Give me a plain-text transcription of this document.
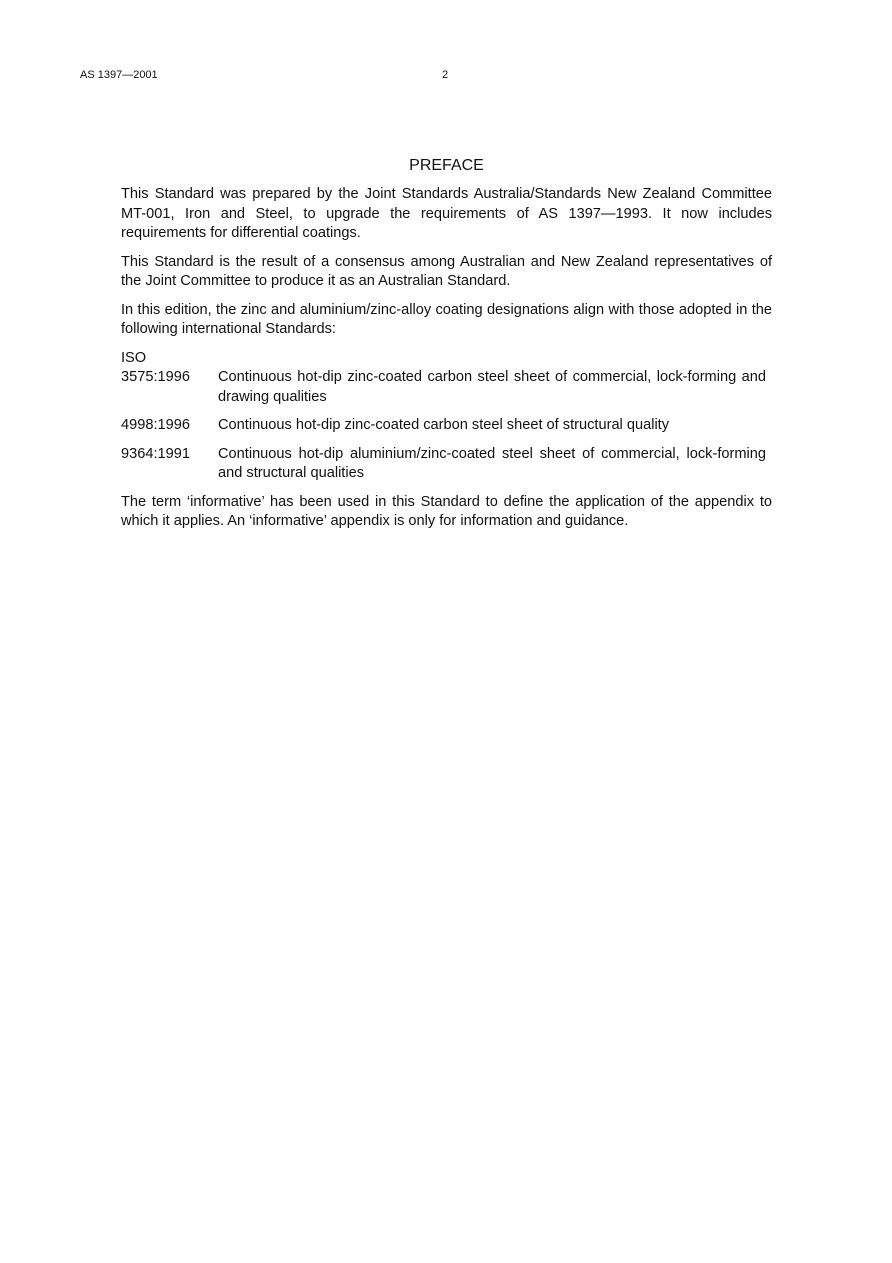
AS 1397—2001	2
PREFACE

This Standard was prepared by the Joint Standards Australia/Standards New Zealand Committee MT-001, Iron and Steel, to upgrade the requirements of AS 1397—1993. It now includes requirements for differential coatings.

This Standard is the result of a consensus among Australian and New Zealand representatives of the Joint Committee to produce it as an Australian Standard.

In this edition, the zinc and aluminium/zinc-alloy coating designations align with those adopted in the following international Standards:

ISO
3575:1996	Continuous hot-dip zinc-coated carbon steel sheet of commercial, lock-forming and drawing qualities
4998:1996	Continuous hot-dip zinc-coated carbon steel sheet of structural quality
9364:1991	Continuous hot-dip aluminium/zinc-coated steel sheet of commercial, lock-forming and structural qualities

The term ‘informative’ has been used in this Standard to define the application of the appendix to which it applies. An ‘informative’ appendix is only for information and guidance.
